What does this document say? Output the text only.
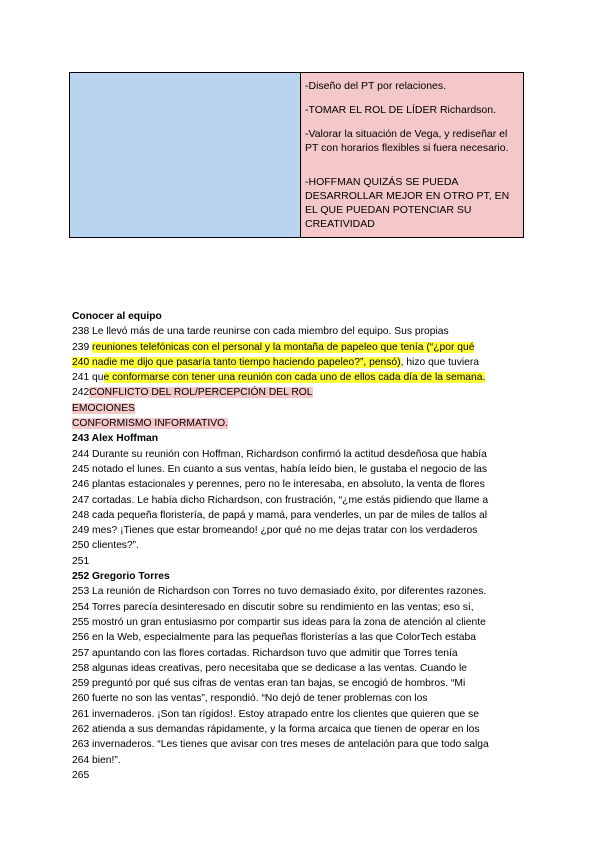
-Diseño del PT por relaciones.

-TOMAR EL ROL DE LÍDER Richardson.

-Valorar la situación de Vega, y rediseñar el PT con horarios flexibles si fuera necesario.

-HOFFMAN QUIZÁS SE PUEDA DESARROLLAR MEJOR EN OTRO PT, EN EL QUE PUEDAN POTENCIAR SU CREATIVIDAD

Conocer al equipo
238 Le llevó más de una tarde reunirse con cada miembro del equipo. Sus propias
239 reuniones telefónicas con el personal y la montaña de papeleo que tenía (“¿por qué
240 nadie me dijo que pasaría tanto tiempo haciendo papeleo?”, pensó), hizo que tuviera
241 que conformarse con tener una reunión con cada uno de ellos cada día de la semana.
242CONFLICTO DEL ROL/PERCEPCIÓN DEL ROL
EMOCIONES
CONFORMISMO INFORMATIVO.
243 Alex Hoffman
244 Durante su reunión con Hoffman, Richardson confirmó la actitud desdeñosa que había
245 notado el lunes. En cuanto a sus ventas, había leído bien, le gustaba el negocio de las
246 plantas estacionales y perennes, pero no le interesaba, en absoluto, la venta de flores
247 cortadas. Le había dicho Richardson, con frustración, “¿me estás pidiendo que llame a
248 cada pequeña floristería, de papá y mamá, para venderles, un par de miles de tallos al
249 mes? ¡Tienes que estar bromeando! ¿por qué no me dejas tratar con los verdaderos
250 clientes?”.
251
252 Gregorio Torres
253 La reunión de Richardson con Torres no tuvo demasiado éxito, por diferentes razones.
254 Torres parecía desinteresado en discutir sobre su rendimiento en las ventas; eso sí,
255 mostró un gran entusiasmo por compartir sus ideas para la zona de atención al cliente
256 en la Web, especialmente para las pequeñas floristerías a las que ColorTech estaba
257 apuntando con las flores cortadas. Richardson tuvo que admitir que Torres tenía
258 algunas ideas creativas, pero necesitaba que se dedicase a las ventas. Cuando le
259 preguntó por qué sus cifras de ventas eran tan bajas, se encogió de hombros. “Mi
260 fuerte no son las ventas”, respondió. “No dejó de tener problemas con los
261 invernaderos. ¡Son tan rígidos!. Estoy atrapado entre los clientes que quieren que se
262 atienda a sus demandas rápidamente, y la forma arcaica que tienen de operar en los
263 invernaderos. “Les tienes que avisar con tres meses de antelación para que todo salga
264 bien!”.
265
